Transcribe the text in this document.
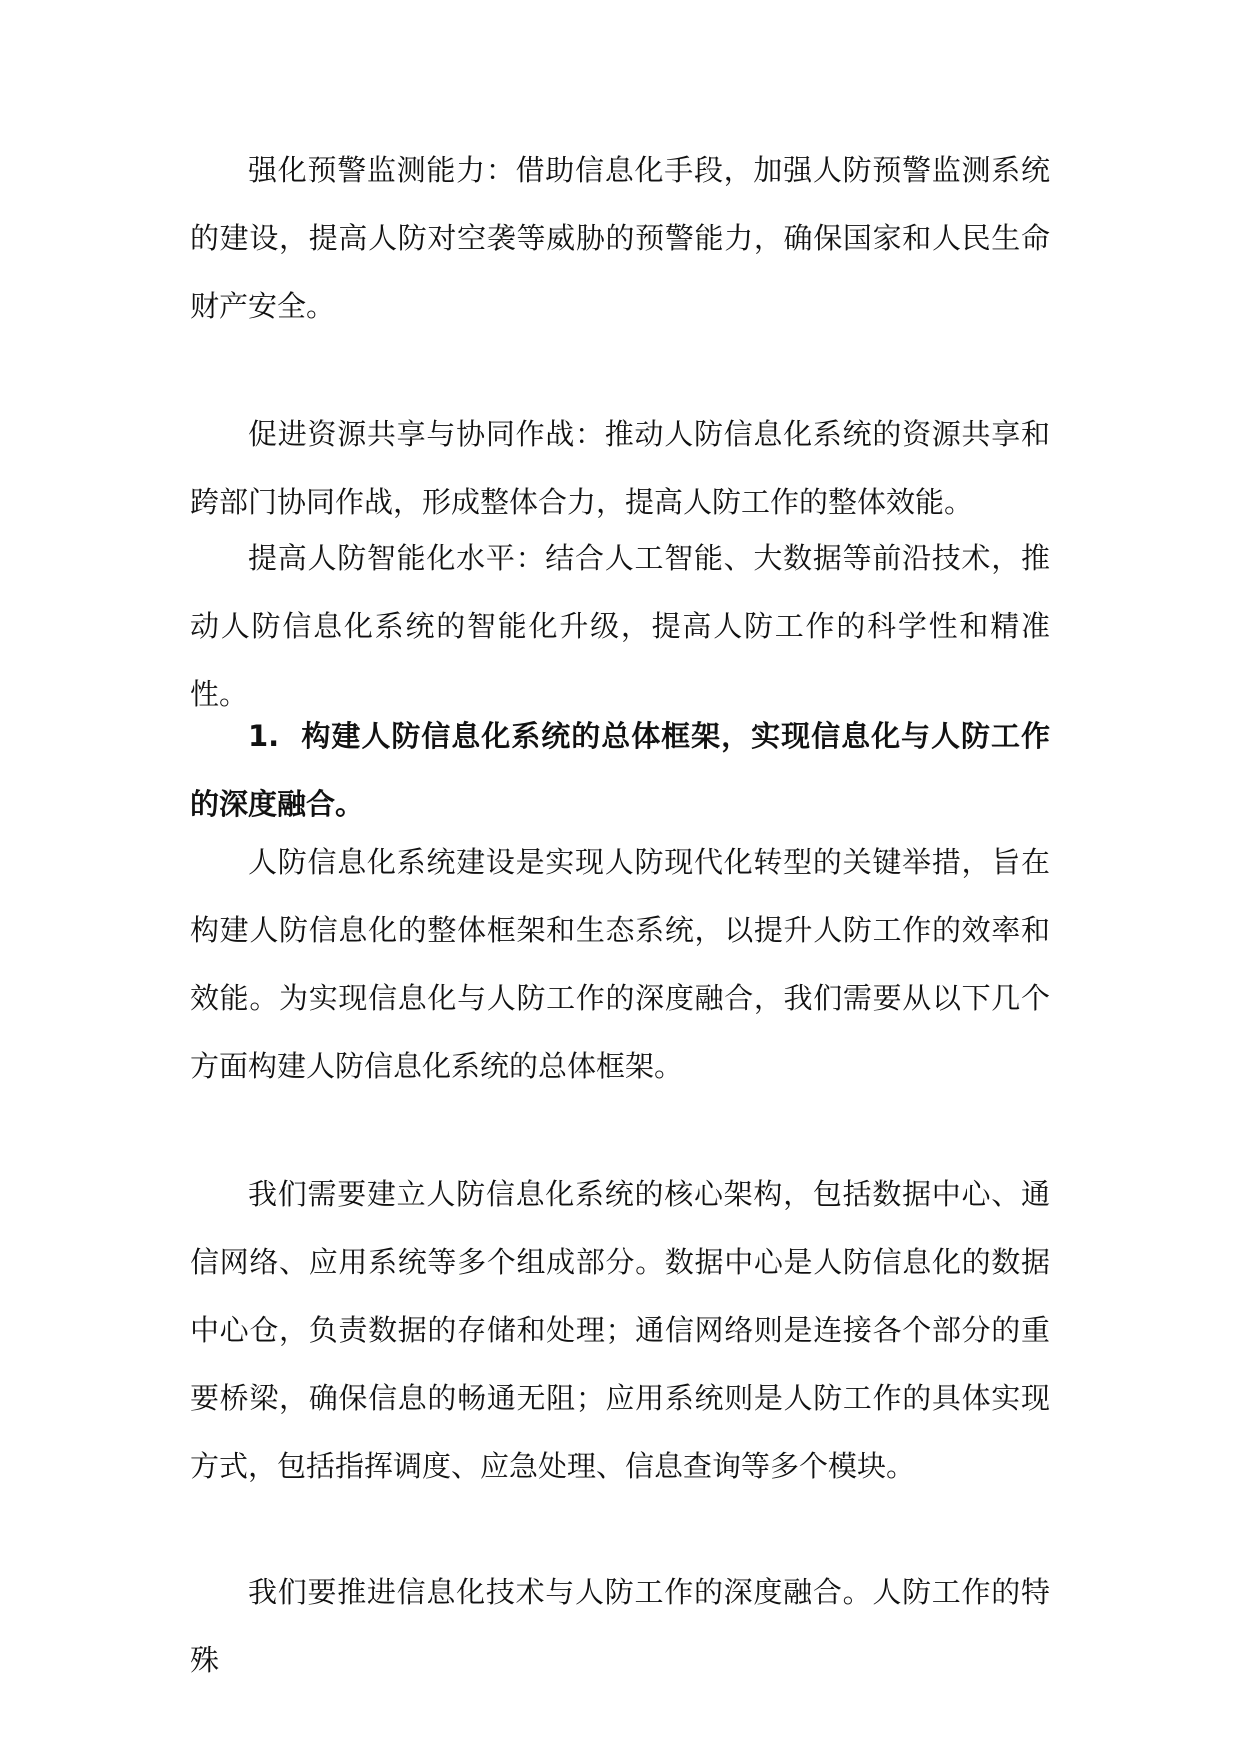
强化预警监测能力：借助信息化手段，加强人防预警监测系统的建设，提高人防对空袭等威胁的预警能力，确保国家和人民生命财产安全。

促进资源共享与协同作战：推动人防信息化系统的资源共享和跨部门协同作战，形成整体合力，提高人防工作的整体效能。

提高人防智能化水平：结合人工智能、大数据等前沿技术，推动人防信息化系统的智能化升级，提高人防工作的科学性和精准性。

1. 构建人防信息化系统的总体框架，实现信息化与人防工作的深度融合。

人防信息化系统建设是实现人防现代化转型的关键举措，旨在构建人防信息化的整体框架和生态系统，以提升人防工作的效率和效能。为实现信息化与人防工作的深度融合，我们需要从以下几个方面构建人防信息化系统的总体框架。

我们需要建立人防信息化系统的核心架构，包括数据中心、通信网络、应用系统等多个组成部分。数据中心是人防信息化的数据中心仓，负责数据的存储和处理；通信网络则是连接各个部分的重要桥梁，确保信息的畅通无阻；应用系统则是人防工作的具体实现方式，包括指挥调度、应急处理、信息查询等多个模块。

我们要推进信息化技术与人防工作的深度融合。人防工作的特殊
